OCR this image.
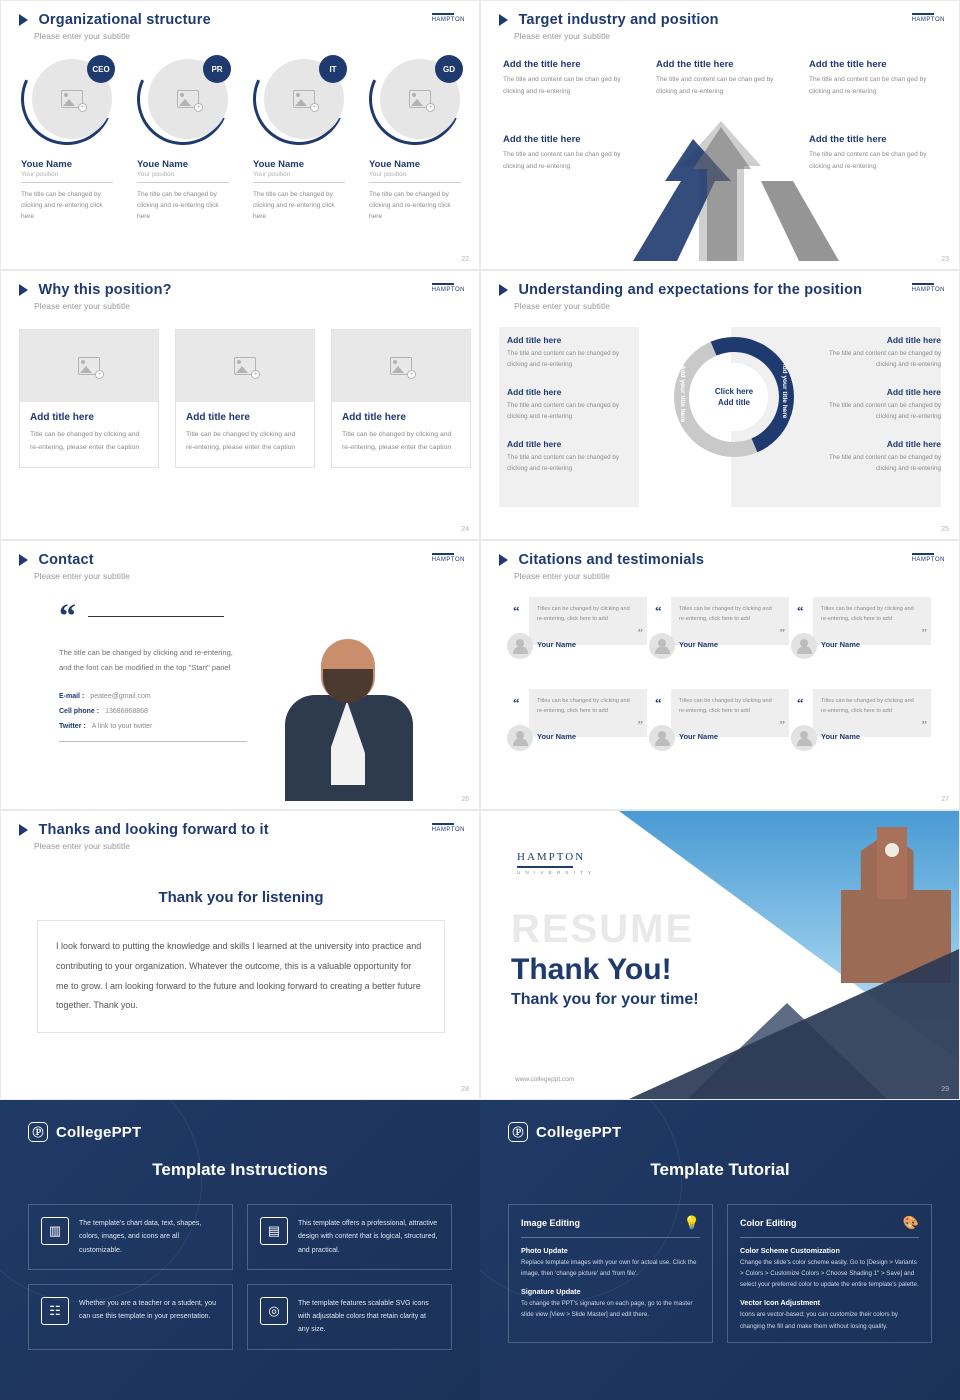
Organizational structure
Please enter your subtitle
HAMPTON
+
CEO
Youe Name
Your position
The title can be changed by clicking and re-entering click here
+
PR
Youe Name
Your position
The title can be changed by clicking and re-entering click here
+
IT
Youe Name
Your position
The title can be changed by clicking and re-entering click here
+
GD
Youe Name
Your position
The title can be changed by clicking and re-entering click here
22
Target industry and position
Please enter your subtitle
HAMPTON
Add the title here
The title and content can be chan ged by clicking and re-entering
Add the title here
The title and content can be chan ged by clicking and re-entering
Add the title here
The title and content can be chan ged by clicking and re-entering
Add the title here
The title and content can be chan ged by clicking and re-entering
Add the title here
The title and content can be chan ged by clicking and re-entering
23
Why this position?
Please enter your subtitle
HAMPTON
+
Add title here
Title can be changed by clicking and re-entering, please enter the caption
+
Add title here
Title can be changed by clicking and re-entering, please enter the caption
+
Add title here
Title can be changed by clicking and re-entering, please enter the caption
24
Understanding and expectations for the position
Please enter your subtitle
HAMPTON
Add title here
The title and content can be changed by clicking and re-entering
Add title here
The title and content can be changed by clicking and re-entering
Add title here
The title and content can be changed by clicking and re-entering
Add title here
The title and content can be changed by clicking and re-entering
Add title here
The title and content can be changed by clicking and re-entering
Add title here
The title and content can be changed by clicking and re-entering
Click here
Add title
Add your title here	Add your title here
25
Contact
Please enter your subtitle
HAMPTON
“
The title can be changed by clicking and re-entering, and the font can be modified in the top "Start" panel
E-mail : peatee@gmail.com
Cell phone : 13686868868
Twitter : A link to your twitter
26
Citations and testimonials
Please enter your subtitle
HAMPTON
Titles can be changed by clicking and re-entering, click here to add
”
“
Your Name
Titles can be changed by clicking and re-entering, click here to add
”
“
Your Name
Titles can be changed by clicking and re-entering, click here to add
”
“
Your Name
Titles can be changed by clicking and re-entering, click here to add
”
“
Your Name
Titles can be changed by clicking and re-entering, click here to add
”
“
Your Name
Titles can be changed by clicking and re-entering, click here to add
”
“
Your Name
27
Thanks and looking forward to it
Please enter your subtitle
HAMPTON
Thank you for listening
I look forward to putting the knowledge and skills I learned at the university into practice and contributing to your organization. Whatever the outcome, this is a valuable opportunity for me to grow. I am looking forward to the future and looking forward to creating a better future together. Thank you.
28
HAMPTON
U N I V E R S I T Y
RESUME
Thank You!
Thank you for your time!
www.collegeppt.com
29
Ⓟ CollegePPT
Template Instructions
▥	The template's chart data, text, shapes, colors, images, and icons are all customizable.
▤	This template offers a professional, attractive design with content that is logical, structured, and practical.
☷	Whether you are a teacher or a student, you can use this template in your presentation.	◎	The template features scalable SVG icons with adjustable colors that retain clarity at any size.
Ⓟ CollegePPT
Template Tutorial
Image Editing	💡
Photo Update
Replace template images with your own for actual use. Click the image, then 'change picture' and 'from file'.
Signature Update
To change the PPT's signature on each page, go to the master slide view [View > Slide Master] and edit there.
Color Editing	🎨
Color Scheme Customization
Change the slide's color scheme easily. Go to [Design > Variants > Colors > Customize Colors > Choose Shading 1" > Save] and select your preferred color to update the entire template's palette.
Vector Icon Adjustment
Icons are vector-based; you can customize their colors by changing the fill and make them without losing quality.
